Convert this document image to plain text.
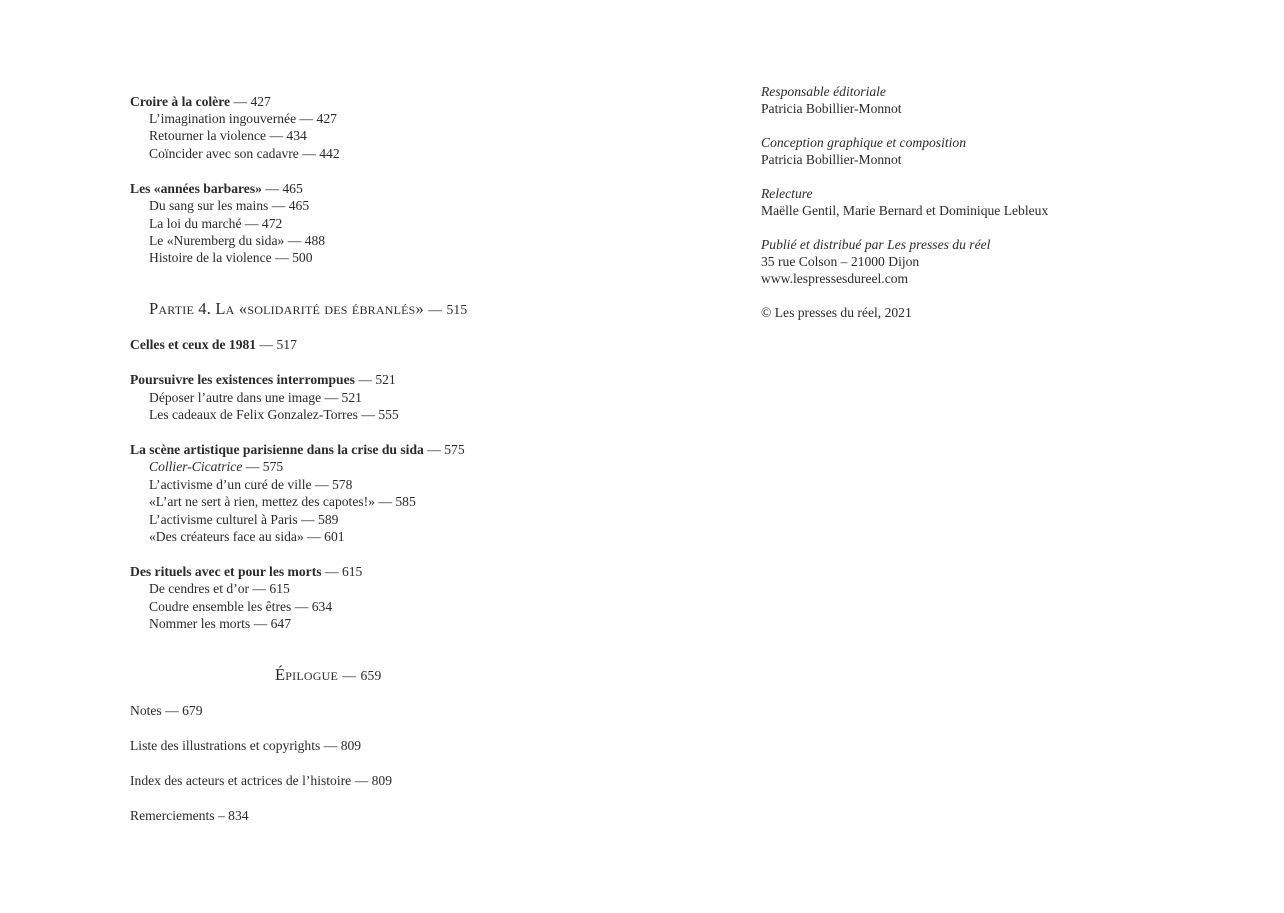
Croire à la colère — 427
L’imagination ingouvernée — 427
Retourner la violence — 434
Coïncider avec son cadavre — 442
Les «années barbares» — 465
Du sang sur les mains — 465
La loi du marché — 472
Le «Nuremberg du sida» — 488
Histoire de la violence — 500
Partie 4. La «solidarité des ébranlés» — 515
Celles et ceux de 1981 — 517
Poursuivre les existences interrompues — 521
Déposer l’autre dans une image — 521
Les cadeaux de Felix Gonzalez-Torres — 555
La scène artistique parisienne dans la crise du sida — 575
Collier-Cicatrice — 575
L’activisme d’un curé de ville — 578
«L’art ne sert à rien, mettez des capotes!» — 585
L’activisme culturel à Paris — 589
«Des créateurs face au sida» — 601
Des rituels avec et pour les morts — 615
De cendres et d’or — 615
Coudre ensemble les êtres — 634
Nommer les morts — 647
Épilogue — 659
Notes — 679
Liste des illustrations et copyrights — 809
Index des acteurs et actrices de l’histoire — 809
Remerciements – 834
Responsable éditoriale
Patricia Bobillier-Monnot
Conception graphique et composition
Patricia Bobillier-Monnot
Relecture
Maëlle Gentil, Marie Bernard et Dominique Lebleux
Publié et distribué par Les presses du réel
35 rue Colson – 21000 Dijon
www.lespressesdureel.com
© Les presses du réel, 2021
